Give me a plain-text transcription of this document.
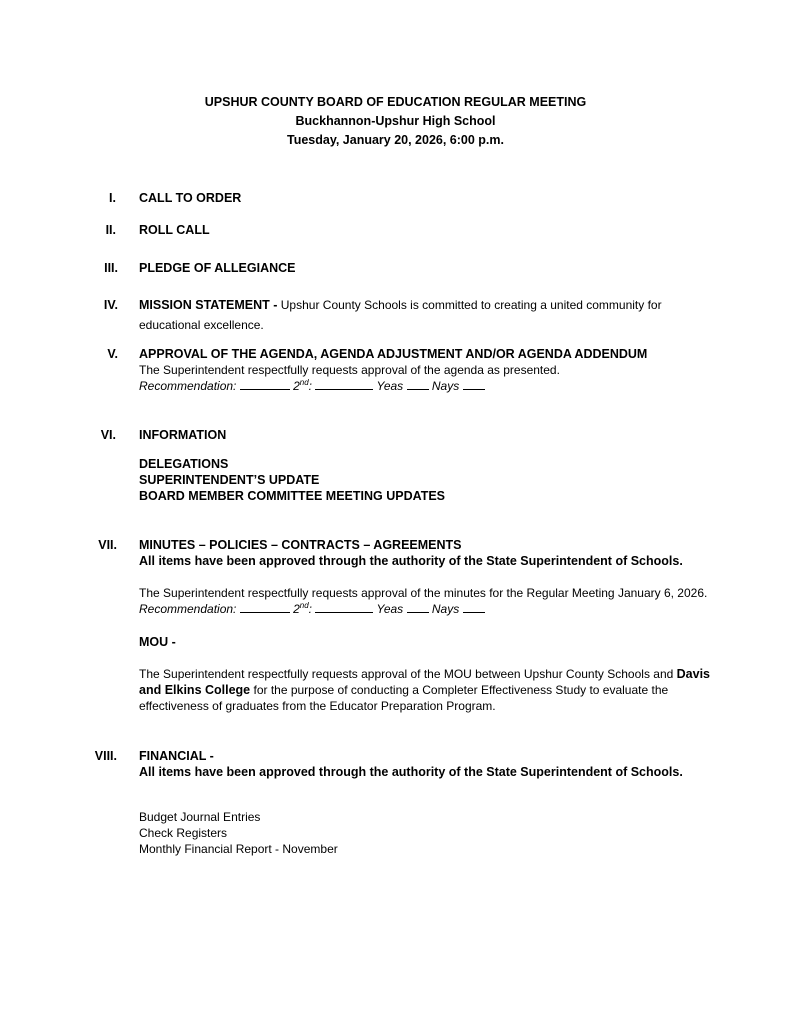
UPSHUR COUNTY BOARD OF EDUCATION REGULAR MEETING
Buckhannon-Upshur High School
Tuesday, January 20, 2026, 6:00 p.m.
I. CALL TO ORDER
II. ROLL CALL
III. PLEDGE OF ALLEGIANCE
IV. MISSION STATEMENT - Upshur County Schools is committed to creating a united community for
educational excellence.
V. APPROVAL OF THE AGENDA, AGENDA ADJUSTMENT AND/OR AGENDA ADDENDUM
The Superintendent respectfully requests approval of the agenda as presented.
Recommendation:	2nd:	Yeas Nays
VI. INFORMATION
DELEGATIONS
SUPERINTENDENT’S UPDATE
BOARD MEMBER COMMITTEE MEETING UPDATES
VII. MINUTES – POLICIES – CONTRACTS – AGREEMENTS
All items have been approved through the authority of the State Superintendent of Schools.
The Superintendent respectfully requests approval of the minutes for the Regular Meeting January 6, 2026.
Recommendation:	2nd:	Yeas Nays
MOU -
The Superintendent respectfully requests approval of the MOU between Upshur County Schools and Davis
and Elkins College for the purpose of conducting a Completer Effectiveness Study to evaluate the
effectiveness of graduates from the Educator Preparation Program.
VIII. FINANCIAL -
All items have been approved through the authority of the State Superintendent of Schools.
Budget Journal Entries
Check Registers
Monthly Financial Report - November
